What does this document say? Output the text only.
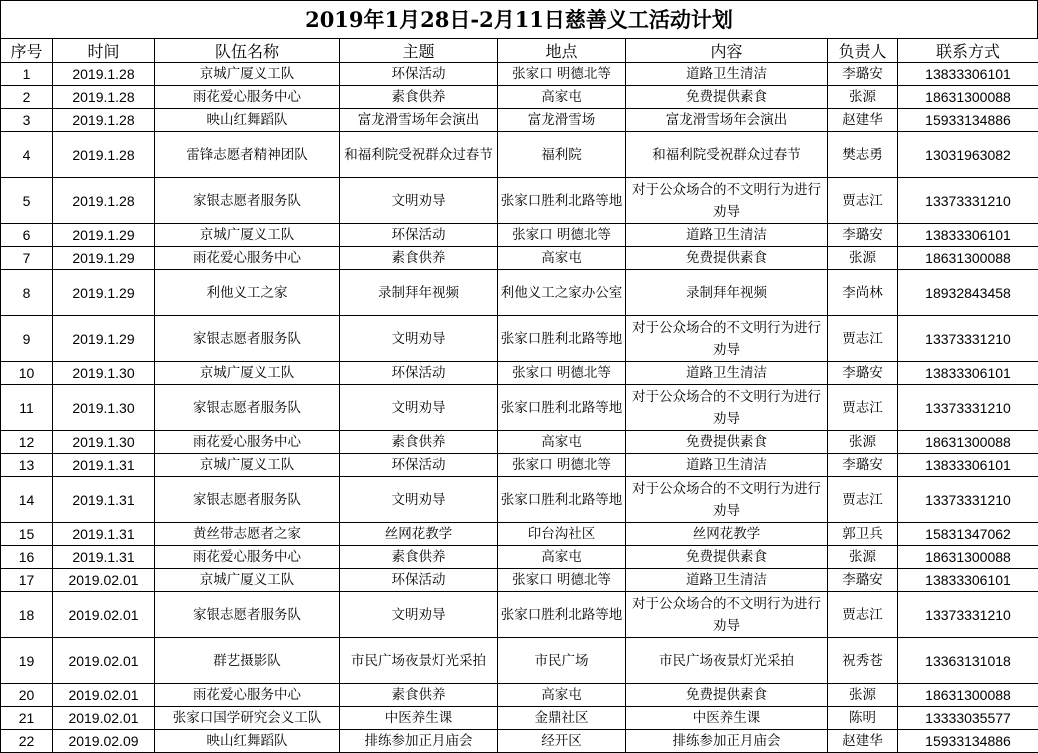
2019年1月28日-2月11日慈善义工活动计划
序号	时间	队伍名称	主题	地点	内容	负责人	联系方式
1	2019.1.28	京城广厦义工队	环保活动	张家口 明德北等	道路卫生清洁	李璐安	13833306101
2	2019.1.28	雨花爱心服务中心	素食供养	高家屯	免费提供素食	张源	18631300088
3	2019.1.28	映山红舞蹈队	富龙滑雪场年会演出	富龙滑雪场	富龙滑雪场年会演出	赵建华	15933134886
4	2019.1.28	雷锋志愿者精神团队	和福利院受祝群众过春节	福利院	和福利院受祝群众过春节	樊志勇	13031963082
5	2019.1.28	家银志愿者服务队	文明劝导	张家口胜利北路等地	对于公众场合的不文明行为进行劝导	贾志江	13373331210
6	2019.1.29	京城广厦义工队	环保活动	张家口 明德北等	道路卫生清洁	李璐安	13833306101
7	2019.1.29	雨花爱心服务中心	素食供养	高家屯	免费提供素食	张源	18631300088
8	2019.1.29	利他义工之家	录制拜年视频	利他义工之家办公室	录制拜年视频	李尚林	18932843458
9	2019.1.29	家银志愿者服务队	文明劝导	张家口胜利北路等地	对于公众场合的不文明行为进行劝导	贾志江	13373331210
10	2019.1.30	京城广厦义工队	环保活动	张家口 明德北等	道路卫生清洁	李璐安	13833306101
11	2019.1.30	家银志愿者服务队	文明劝导	张家口胜利北路等地	对于公众场合的不文明行为进行劝导	贾志江	13373331210
12	2019.1.30	雨花爱心服务中心	素食供养	高家屯	免费提供素食	张源	18631300088
13	2019.1.31	京城广厦义工队	环保活动	张家口 明德北等	道路卫生清洁	李璐安	13833306101
14	2019.1.31	家银志愿者服务队	文明劝导	张家口胜利北路等地	对于公众场合的不文明行为进行劝导	贾志江	13373331210
15	2019.1.31	黄丝带志愿者之家	丝网花教学	印台沟社区	丝网花教学	郭卫兵	15831347062
16	2019.1.31	雨花爱心服务中心	素食供养	高家屯	免费提供素食	张源	18631300088
17	2019.02.01	京城广厦义工队	环保活动	张家口 明德北等	道路卫生清洁	李璐安	13833306101
18	2019.02.01	家银志愿者服务队	文明劝导	张家口胜利北路等地	对于公众场合的不文明行为进行劝导	贾志江	13373331210
19	2019.02.01	群艺摄影队	市民广场夜景灯光采拍	市民广场	市民广场夜景灯光采拍	祝秀苍	13363131018
20	2019.02.01	雨花爱心服务中心	素食供养	高家屯	免费提供素食	张源	18631300088
21	2019.02.01	张家口国学研究会义工队	中医养生课	金鼎社区	中医养生课	陈明	13333035577
22	2019.02.09	映山红舞蹈队	排练参加正月庙会	经开区	排练参加正月庙会	赵建华	15933134886
